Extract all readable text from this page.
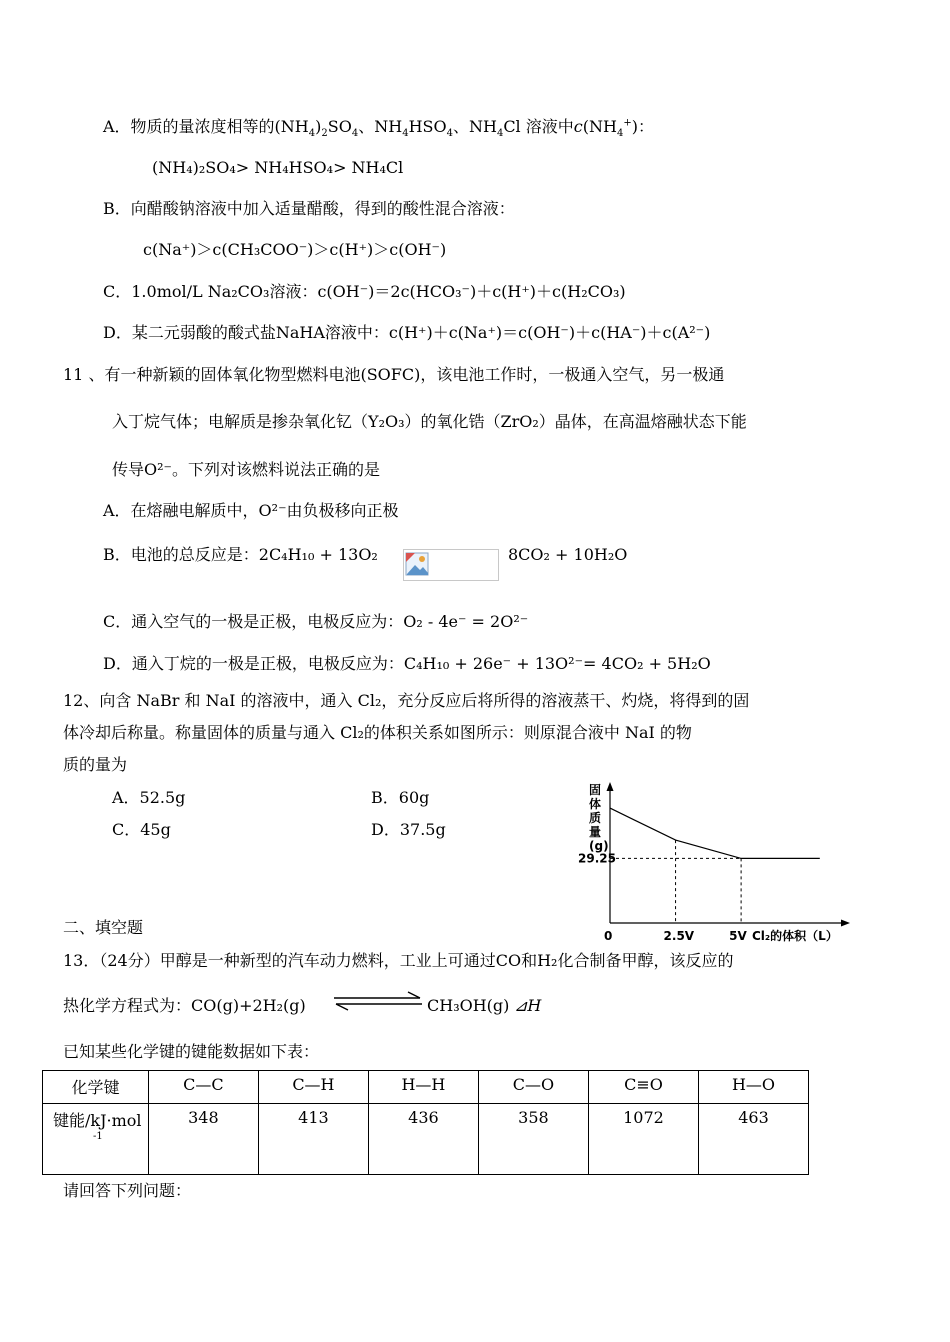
A．物质的量浓度相等的$(NH_4)_2SO_4$、$NH_4HSO_4$、$NH_4Cl$ 溶液中$c(NH_4^+)$：
(NH₄)₂SO₄> NH₄HSO₄> NH₄Cl
B．向醋酸钠溶液中加入适量醋酸，得到的酸性混合溶液：
c(Na⁺)＞c(CH₃COO⁻)＞c(H⁺)＞c(OH⁻)
C．1.0mol/L Na₂CO₃溶液：c(OH⁻)＝2c(HCO₃⁻)＋c(H⁺)＋c(H₂CO₃)
D．某二元弱酸的酸式盐NaHA溶液中：c(H⁺)＋c(Na⁺)＝c(OH⁻)＋c(HA⁻)＋c(A²⁻)
11 、有一种新颖的固体氧化物型燃料电池(SOFC)，该电池工作时，一极通入空气，另一极通
入丁烷气体；电解质是掺杂氧化钇（Y₂O₃）的氧化锆（ZrO₂）晶体，在高温熔融状态下能
传导O²⁻。下列对该燃料说法正确的是
A．在熔融电解质中，O²⁻由负极移向正极
B．电池的总反应是：2C₄H₁₀ + 13O₂	8CO₂ + 10H₂O
C．通入空气的一极是正极，电极反应为：O₂ - 4e⁻ = 2O²⁻
D．通入丁烷的一极是正极，电极反应为：C₄H₁₀ + 26e⁻ + 13O²⁻= 4CO₂ + 5H₂O
12、向含 NaBr 和 NaI 的溶液中，通入 Cl₂，充分反应后将所得的溶液蒸干、灼烧，将得到的固
体冷却后称量。称量固体的质量与通入 Cl₂的体积关系如图所示：则原混合液中 NaI 的物
质的量为
A．52.5g	B．60g
C．45g	D．37.5g
固
体
质
量
(g)
0	2.5V	5V
29.25
Cl₂的体积（L）
二、填空题
13．（24分）甲醇是一种新型的汽车动力燃料，工业上可通过CO和H₂化合制备甲醇，该反应的
热化学方程式为：CO(g)+2H₂(g)	CH₃OH(g) ⊿H
已知某些化学键的键能数据如下表：
化学键	C—C	C—H	H—H	C—O	C≡O	H—O

键能/kJ·mol
-1	348	413	436	358	1072	463
请回答下列问题：
